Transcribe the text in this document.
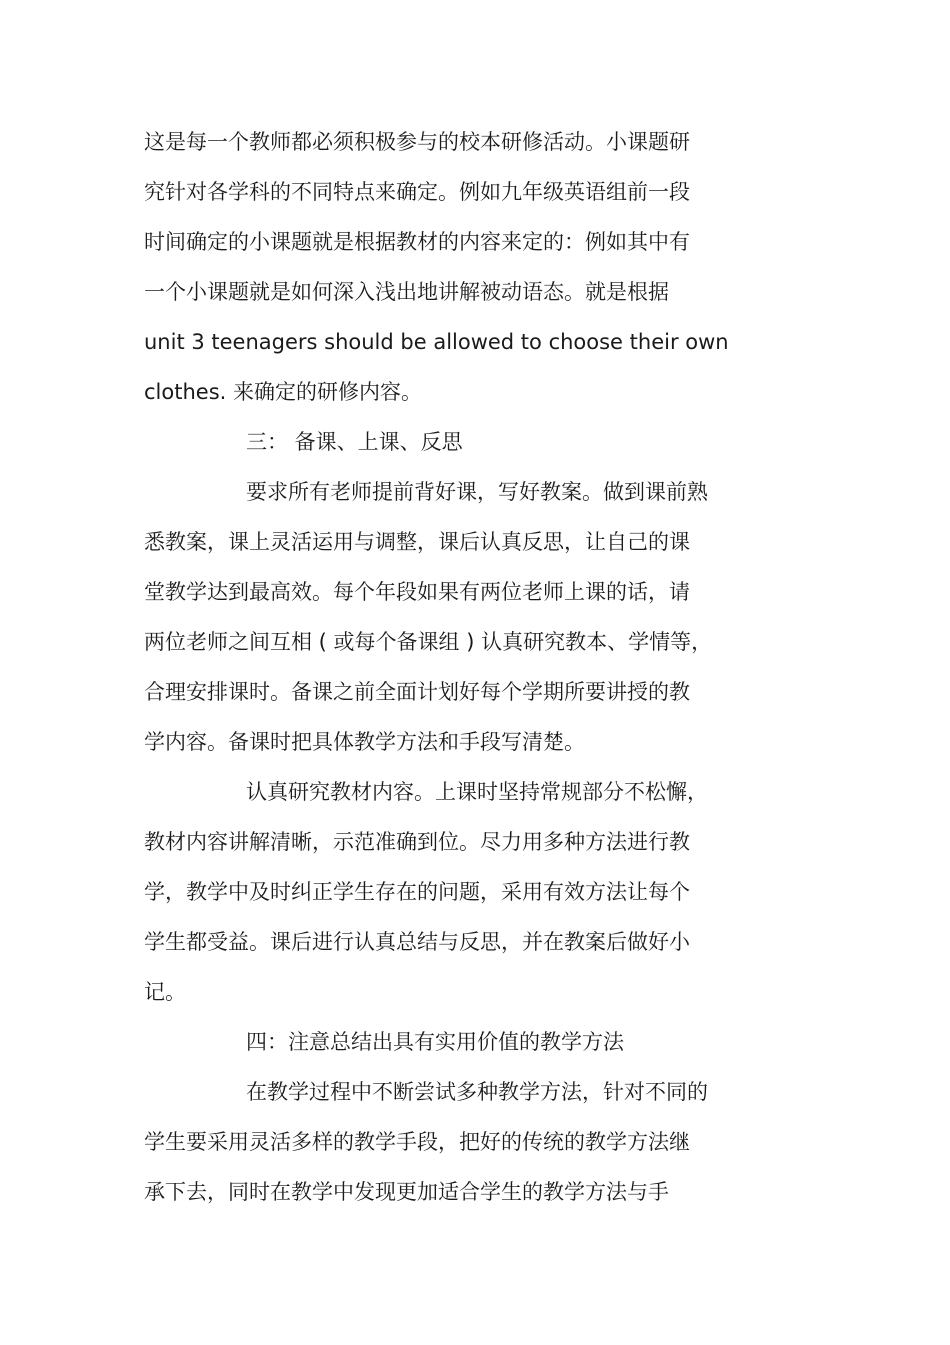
这是每一个教师都必须积极参与的校本研修活动。小课题研
究针对各学科的不同特点来确定。例如九年级英语组前一段
时间确定的小课题就是根据教材的内容来定的：例如其中有
一个小课题就是如何深入浅出地讲解被动语态。就是根据
unit 3 teenagers should be allowed to choose their own
clothes. 来确定的研修内容。
三： 备课、上课、反思
要求所有老师提前背好课，写好教案。做到课前熟
悉教案，课上灵活运用与调整，课后认真反思，让自己的课
堂教学达到最高效。每个年段如果有两位老师上课的话，请
两位老师之间互相 ( 或每个备课组 ) 认真研究教本、学情等，
合理安排课时。备课之前全面计划好每个学期所要讲授的教
学内容。备课时把具体教学方法和手段写清楚。
认真研究教材内容。上课时坚持常规部分不松懈，
教材内容讲解清晰，示范准确到位。尽力用多种方法进行教
学，教学中及时纠正学生存在的问题，采用有效方法让每个
学生都受益。课后进行认真总结与反思，并在教案后做好小
记。
四：注意总结出具有实用价值的教学方法
在教学过程中不断尝试多种教学方法，针对不同的
学生要采用灵活多样的教学手段，把好的传统的教学方法继
承下去，同时在教学中发现更加适合学生的教学方法与手
